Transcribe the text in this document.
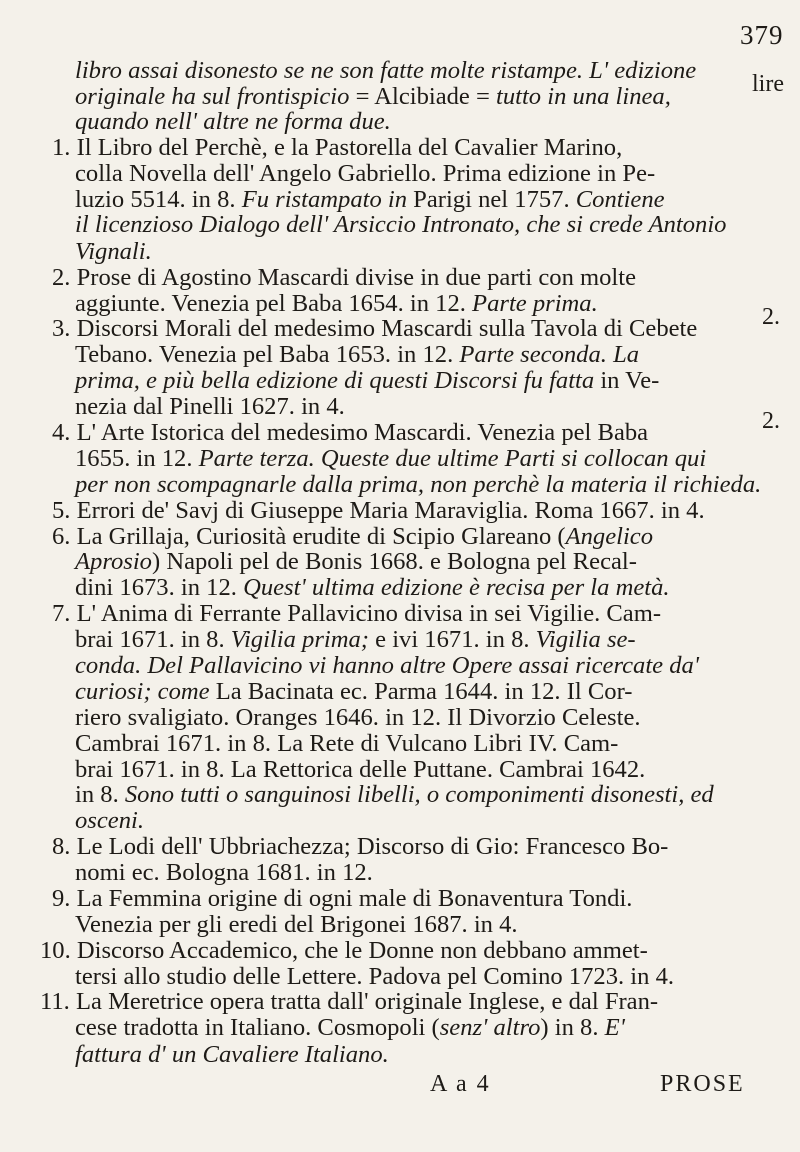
379
libro assai disonesto se ne son fatte molte ristampe. L' edizione
originale ha sul frontispicio = Alcibiade = tutto in una linea,
quando nell' altre ne forma due.
1. Il Libro del Perchè, e la Pastorella del Cavalier Marino,
colla Novella dell' Angelo Gabriello. Prima edizione in Pe-
luzio 5514. in 8. Fu ristampato in Parigi nel 1757. Contiene
il licenzioso Dialogo dell' Arsiccio Intronato, che si crede Antonio
Vignali.
2. Prose di Agostino Mascardi divise in due parti con molte
aggiunte. Venezia pel Baba 1654. in 12. Parte prima.
3. Discorsi Morali del medesimo Mascardi sulla Tavola di Cebete
Tebano. Venezia pel Baba 1653. in 12. Parte seconda. La
prima, e più bella edizione di questi Discorsi fu fatta in Ve-
nezia dal Pinelli 1627. in 4.
4. L' Arte Istorica del medesimo Mascardi. Venezia pel Baba
1655. in 12. Parte terza. Queste due ultime Parti si collocan qui
per non scompagnarle dalla prima, non perchè la materia il richieda.
5. Errori de' Savj di Giuseppe Maria Maraviglia. Roma 1667. in 4.
6. La Grillaja, Curiosità erudite di Scipio Glareano (Angelico
Aprosio) Napoli pel de Bonis 1668. e Bologna pel Recal-
dini 1673. in 12. Quest' ultima edizione è recisa per la metà.
7. L' Anima di Ferrante Pallavicino divisa in sei Vigilie. Cam-
brai 1671. in 8. Vigilia prima; e ivi 1671. in 8. Vigilia se-
conda. Del Pallavicino vi hanno altre Opere assai ricercate da'
curiosi; come La Bacinata ec. Parma 1644. in 12. Il Cor-
riero svaligiato. Oranges 1646. in 12. Il Divorzio Celeste.
Cambrai 1671. in 8. La Rete di Vulcano Libri IV. Cam-
brai 1671. in 8. La Rettorica delle Puttane. Cambrai 1642.
in 8. Sono tutti o sanguinosi libelli, o componimenti disonesti, ed
osceni.
8. Le Lodi dell' Ubbriachezza; Discorso di Gio: Francesco Bo-
nomi ec. Bologna 1681. in 12.
9. La Femmina origine di ogni male di Bonaventura Tondi.
Venezia per gli eredi del Brigonei 1687. in 4.
10. Discorso Accademico, che le Donne non debbano ammet-
tersi allo studio delle Lettere. Padova pel Comino 1723. in 4.
11. La Meretrice opera tratta dall' originale Inglese, e dal Fran-
cese tradotta in Italiano. Cosmopoli (senz' altro) in 8. E'
lire
2.
2.
fattura d' un Cavaliere Italiano.
A a 4	PROSE
